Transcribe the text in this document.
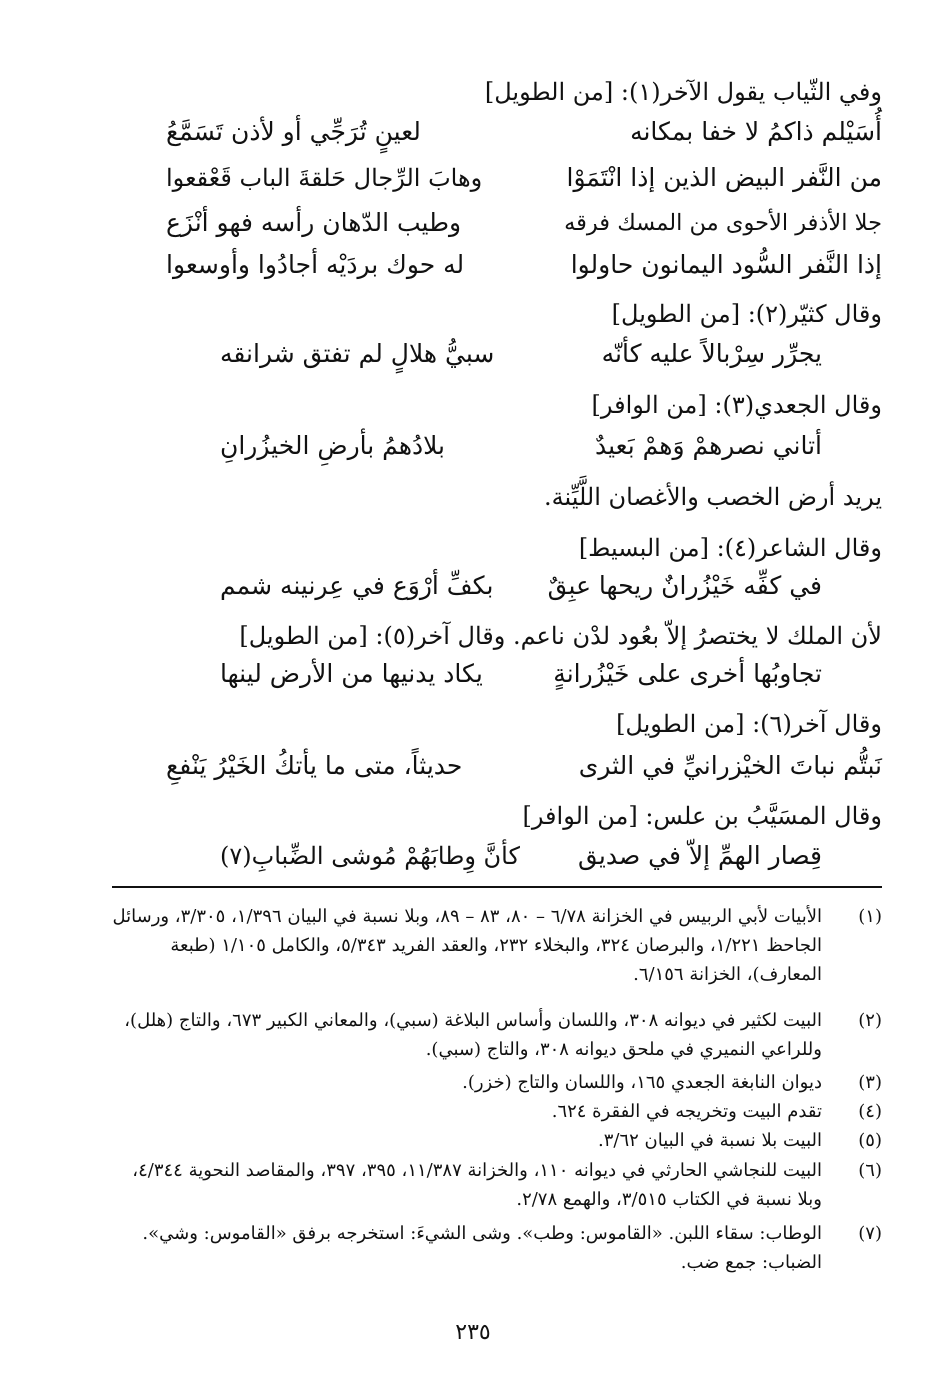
وفي الثّياب يقول الآخر(١): [من الطويل]
أُسَيْلم ذاكمُ لا خفا بمكانه
لعينٍ تُرَجِّي أو لأذن تَسَمَّعُ
من النَّفر البيض الذين إذا انْتَمَوْا
وهابَ الرِّجال حَلقةَ الباب قَعْقعوا
جلا الأذفر الأحوى من المسك فرقه
وطيب الدّهان رأسه فهو أنْزَع
إذا النَّفر السُّود اليمانون حاولوا
له حوك بردَيْه أجادُوا وأوسعوا
وقال كثيّر(٢): [من الطويل]
يجرِّر سِرْبالاً عليه كأنّه
سبيُّ هلالٍ لم تفتق شرانقه
وقال الجعدي(٣): [من الوافر]
أتاني نصرهمْ وَهمْ بَعيدٌ
بلادُهمُ بأرضِ الخيزُرانِ
يريد أرض الخصب والأغصان اللَّيِّنة.
وقال الشاعر(٤): [من البسيط]
في كفِّه خَيْزُرانٌ ريحها عبِقٌ
بكفِّ أرْوَع في عِرنينه شمم
لأن الملك لا يختصرُ إلاّ بعُود لدْن ناعم. وقال آخر(٥): [من الطويل]
تجاوبُها أخرى على خَيْزُرانةٍ
يكاد يدنيها من الأرض لينها
وقال آخر(٦): [من الطويل]
نَبتُّم نباتَ الخيْزرانيِّ في الثرى
حديثاً، متى ما يأتكُ الخَيْرُ يَنْفعِ
وقال المسَيَّبُ بن علس: [من الوافر]
قِصار الهمِّ إلاّ في صديق
كأنَّ وِطابَهُمْ مُوشى الضِّبابِ(٧)
(١)
الأبيات لأبي الربيس في الخزانة ٦/٧٨ – ٨٠، ٨٣ – ٨٩، وبلا نسبة في البيان ١/٣٩٦، ٣/٣٠٥، ورسائل الجاحظ ١/٢٢١، والبرصان ٣٢٤، والبخلاء ٢٣٢، والعقد الفريد ٥/٣٤٣، والكامل ١/١٠٥ (طبعة المعارف)، الخزانة ٦/١٥٦.
(٢)
البيت لكثير في ديوانه ٣٠٨، واللسان وأساس البلاغة (سبي)، والمعاني الكبير ٦٧٣، والتاج (هلل)، وللراعي النميري في ملحق ديوانه ٣٠٨، والتاج (سبي).
(٣)
ديوان النابغة الجعدي ١٦٥، واللسان والتاج (خزر).
(٤)
تقدم البيت وتخريجه في الفقرة ٦٢٤.
(٥)
البيت بلا نسبة في البيان ٣/٦٢.
(٦)
البيت للنجاشي الحارثي في ديوانه ١١٠، والخزانة ١١/٣٨٧، ٣٩٥، ٣٩٧، والمقاصد النحوية ٤/٣٤٤، وبلا نسبة في الكتاب ٣/٥١٥، والهمع ٢/٧٨.
(٧)
الوطاب: سقاء اللبن. «القاموس: وطب». وشى الشيءَ: استخرجه برفق «القاموس: وشي». الضباب: جمع ضب.
٢٣٥
